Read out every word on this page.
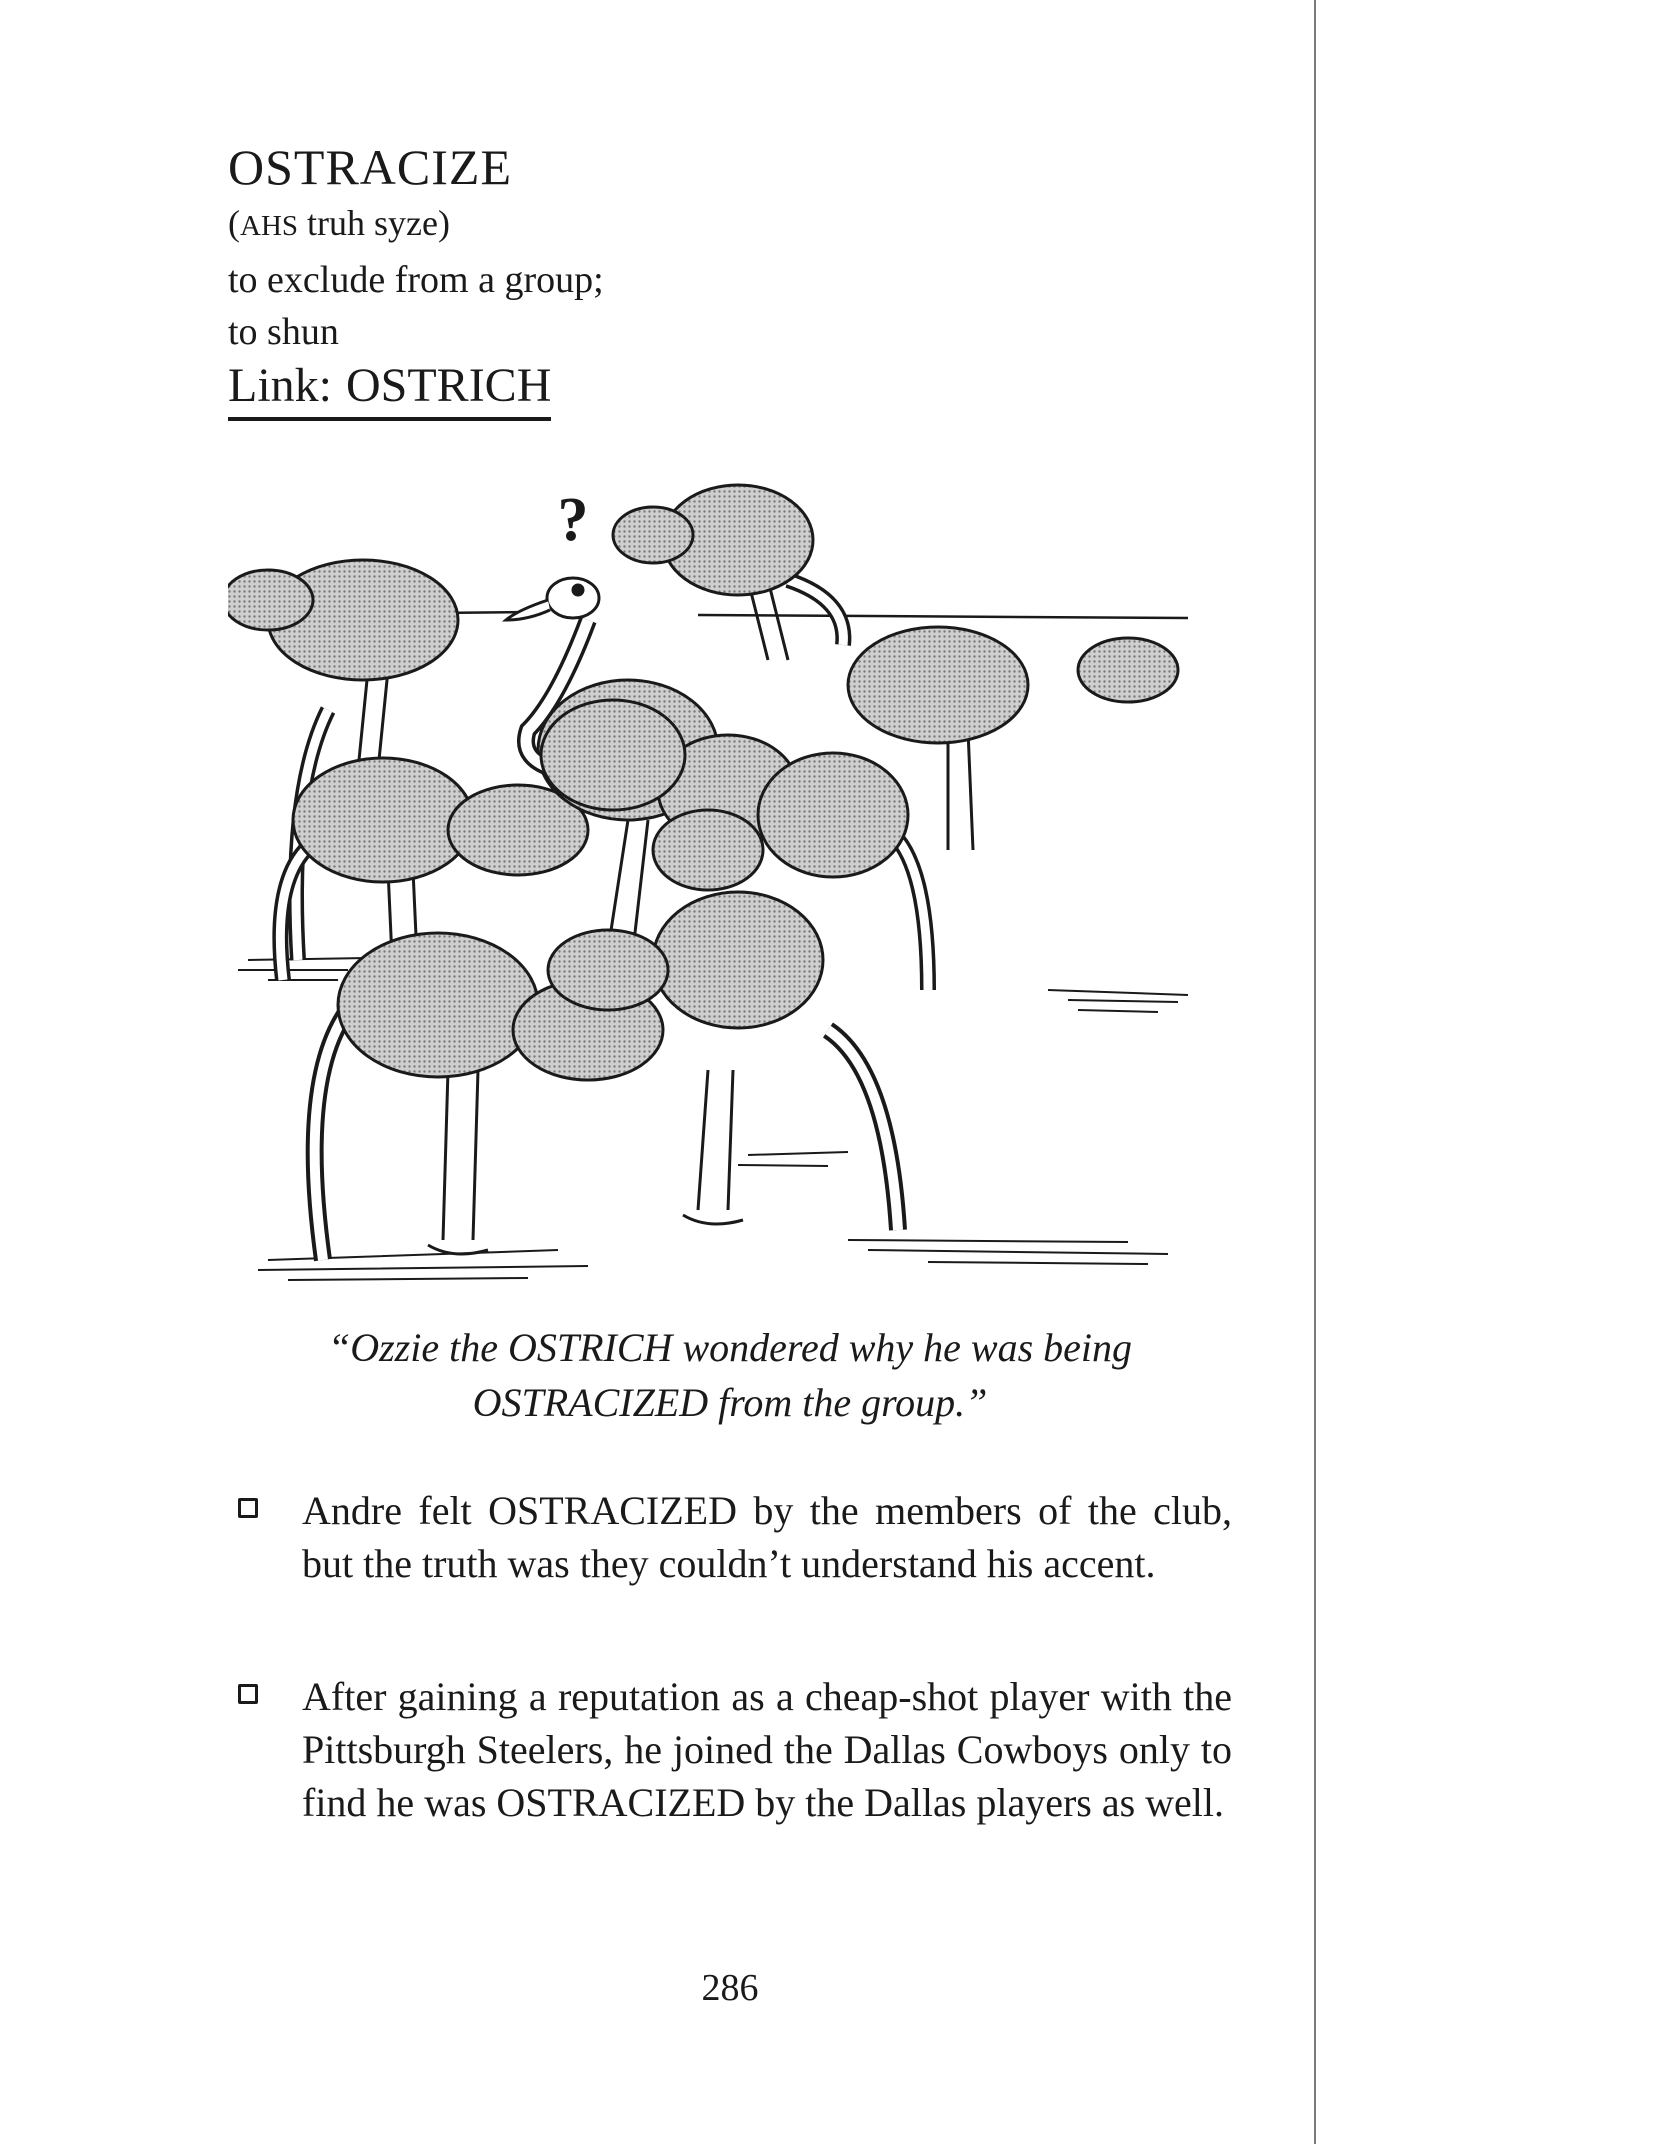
OSTRACIZE
(AHS truh syze)
to exclude from a group;
to shun
Link: OSTRICH
?
“Ozzie the OSTRICH wondered why he was being
OSTRACIZED from the group.”
Andre felt OSTRACIZED by the members of the club, but the truth was they couldn’t understand his accent.
After gaining a reputation as a cheap-shot player with the Pittsburgh Steelers, he joined the Dallas Cowboys only to find he was OSTRACIZED by the Dallas players as well.
286
